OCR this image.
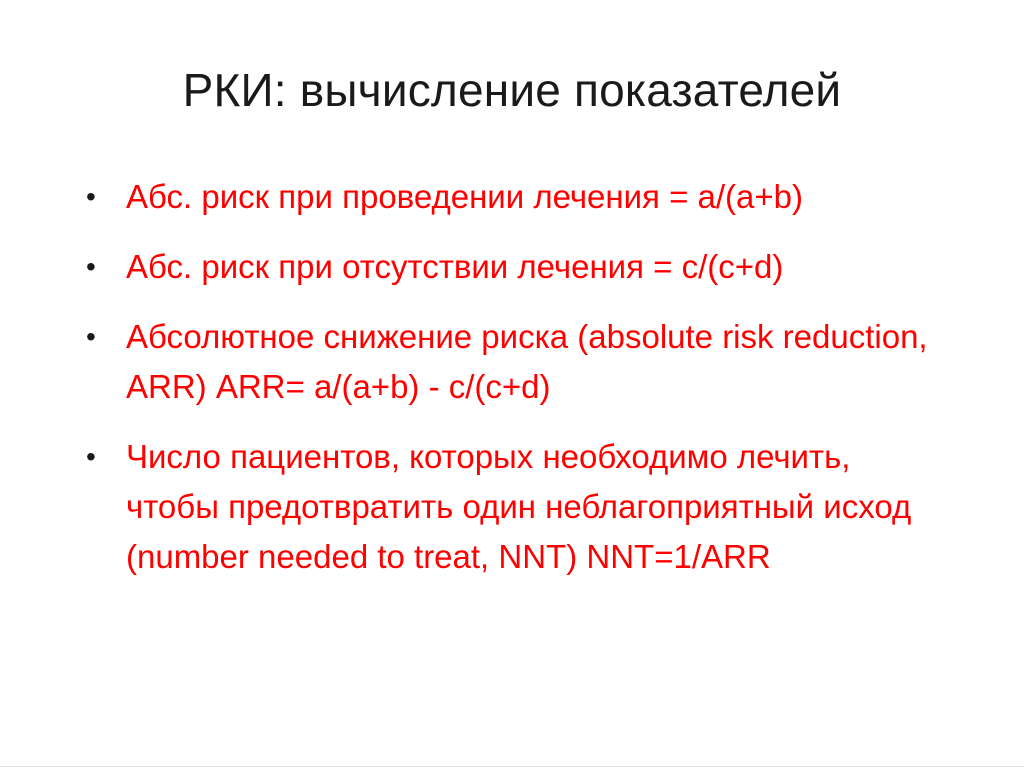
РКИ: вычисление показателей
• Абс. риск при проведении лечения = a/(a+b)
• Абс. риск при отсутствии лечения = c/(c+d)
• Абсолютное снижение риска (absolute risk reduction, ARR) ARR= a/(a+b) - c/(c+d)
• Число пациентов, которых необходимо лечить, чтобы предотвратить один неблагоприятный исход (number needed to treat, NNT) NNT=1/ARR
